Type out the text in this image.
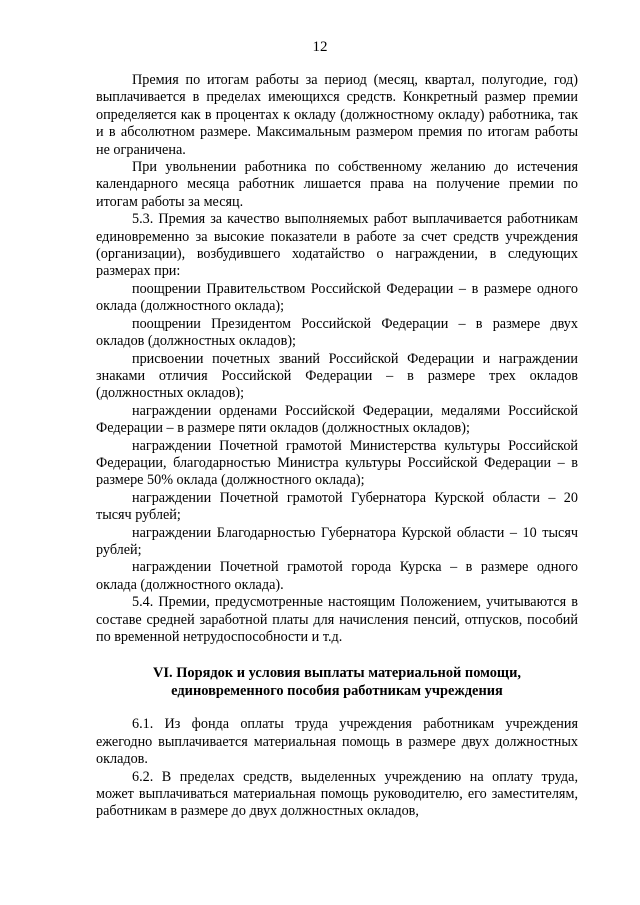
12

Премия по итогам работы за период (месяц, квартал, полугодие, год) выплачивается в пределах имеющихся средств. Конкретный размер премии определяется как в процентах к окладу (должностному окладу) работника, так и в абсолютном размере. Максимальным размером премия по итогам работы не ограничена.

При увольнении работника по собственному желанию до истечения календарного месяца работник лишается права на получение премии по итогам работы за месяц.

5.3. Премия за качество выполняемых работ выплачивается работникам единовременно за высокие показатели в работе за счет средств учреждения (организации), возбудившего ходатайство о награждении, в следующих размерах при:

поощрении Правительством Российской Федерации – в размере одного оклада (должностного оклада);

поощрении Президентом Российской Федерации – в размере двух окладов (должностных окладов);

присвоении почетных званий Российской Федерации и награждении знаками отличия Российской Федерации – в размере трех окладов (должностных окладов);

награждении орденами Российской Федерации, медалями Российской Федерации – в размере пяти окладов (должностных окладов);

награждении Почетной грамотой Министерства культуры Российской Федерации, благодарностью Министра культуры Российской Федерации – в размере 50% оклада (должностного оклада);

награждении Почетной грамотой Губернатора Курской области – 20 тысяч рублей;

награждении Благодарностью Губернатора Курской области – 10 тысяч рублей;

награждении Почетной грамотой города Курска – в размере одного оклада (должностного оклада).

5.4. Премии, предусмотренные настоящим Положением, учитываются в составе средней заработной платы для начисления пенсий, отпусков, пособий по временной нетрудоспособности и т.д.

VI. Порядок и условия выплаты материальной помощи,
единовременного пособия работникам учреждения

6.1. Из фонда оплаты труда учреждения работникам учреждения ежегодно выплачивается материальная помощь в размере двух должностных окладов.

6.2. В пределах средств, выделенных учреждению на оплату труда, может выплачиваться материальная помощь руководителю, его заместителям, работникам в размере до двух должностных окладов,
